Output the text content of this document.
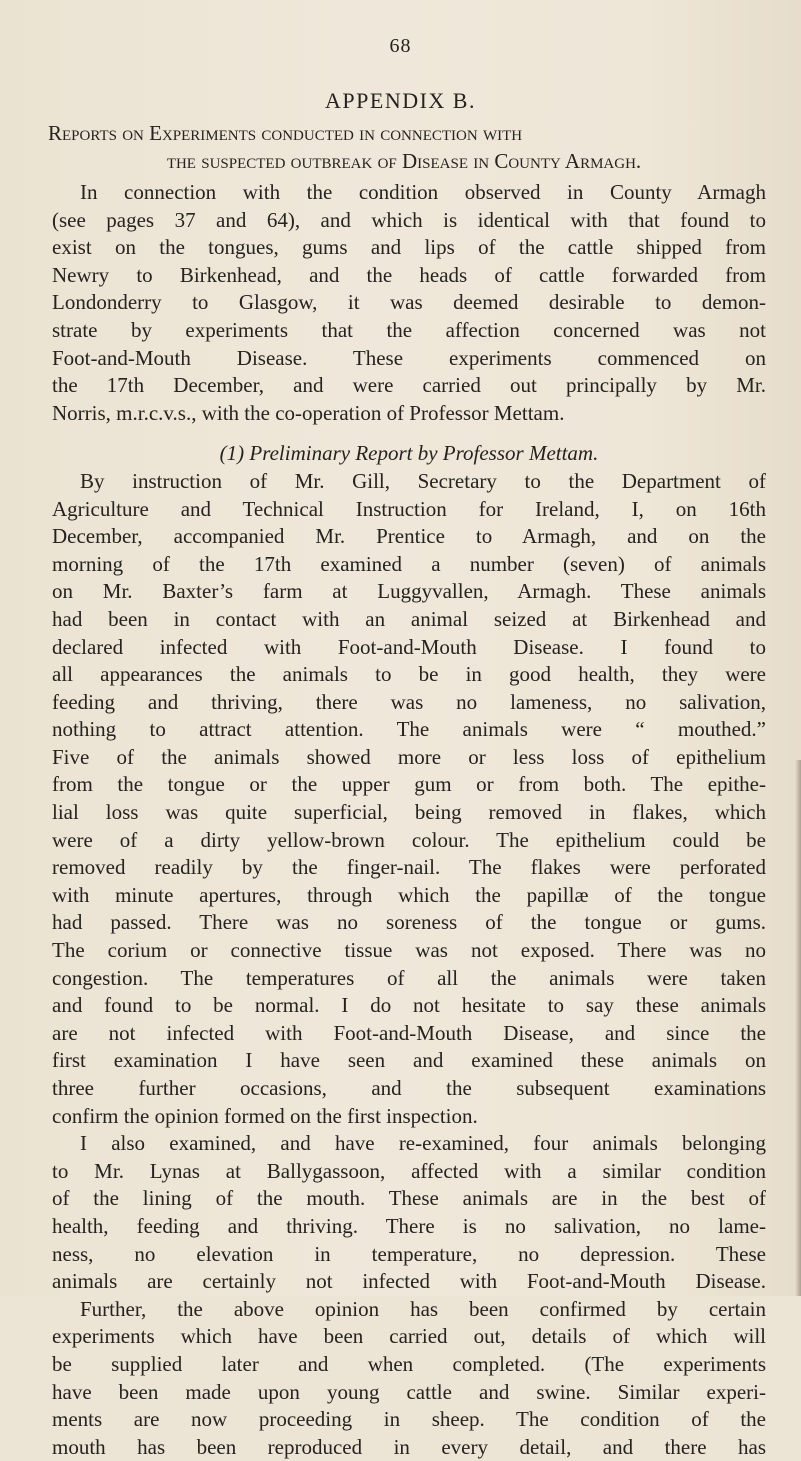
68
APPENDIX B.
Reports on Experiments conducted in connection with
the suspected outbreak of Disease in County Armagh.
In connection with the condition observed in County Armagh
(see pages 37 and 64), and which is identical with that found to
exist on the tongues, gums and lips of the cattle shipped from
Newry to Birkenhead, and the heads of cattle forwarded from
Londonderry to Glasgow, it was deemed desirable to demon-
strate by experiments that the affection concerned was not
Foot-and-Mouth Disease. These experiments commenced on
the 17th December, and were carried out principally by Mr.
Norris, m.r.c.v.s., with the co-operation of Professor Mettam.
(1) Preliminary Report by Professor Mettam.
By instruction of Mr. Gill, Secretary to the Department of
Agriculture and Technical Instruction for Ireland, I, on 16th
December, accompanied Mr. Prentice to Armagh, and on the
morning of the 17th examined a number (seven) of animals
on Mr. Baxter’s farm at Luggyvallen, Armagh. These animals
had been in contact with an animal seized at Birkenhead and
declared infected with Foot-and-Mouth Disease. I found to
all appearances the animals to be in good health, they were
feeding and thriving, there was no lameness, no salivation,
nothing to attract attention. The animals were “ mouthed.”
Five of the animals showed more or less loss of epithelium
from the tongue or the upper gum or from both. The epithe-
lial loss was quite superficial, being removed in flakes, which
were of a dirty yellow-brown colour. The epithelium could be
removed readily by the finger-nail. The flakes were perforated
with minute apertures, through which the papillæ of the tongue
had passed. There was no soreness of the tongue or gums.
The corium or connective tissue was not exposed. There was no
congestion. The temperatures of all the animals were taken
and found to be normal. I do not hesitate to say these animals
are not infected with Foot-and-Mouth Disease, and since the
first examination I have seen and examined these animals on
three further occasions, and the subsequent examinations
confirm the opinion formed on the first inspection.
I also examined, and have re-examined, four animals belonging
to Mr. Lynas at Ballygassoon, affected with a similar condition
of the lining of the mouth. These animals are in the best of
health, feeding and thriving. There is no salivation, no lame-
ness, no elevation in temperature, no depression. These
animals are certainly not infected with Foot-and-Mouth Disease.
Further, the above opinion has been confirmed by certain
experiments which have been carried out, details of which will
be supplied later and when completed. (The experiments
have been made upon young cattle and swine. Similar experi-
ments are now proceeding in sheep. The condition of the
mouth has been reproduced in every detail, and there has
